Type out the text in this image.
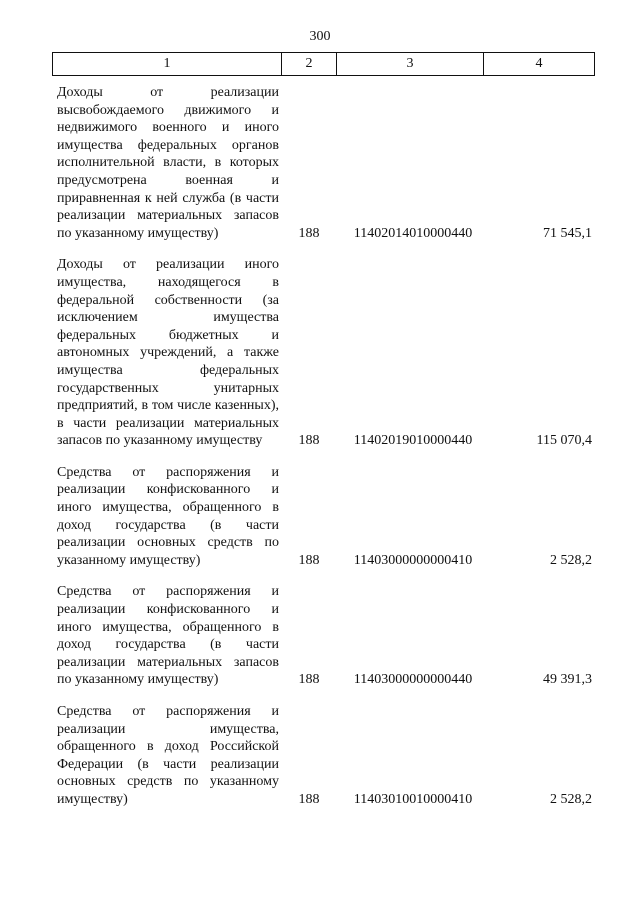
300
1	2	3	4
Доходы от реализации высвобождаемого движимого и недвижимого военного и иного имущества федеральных органов исполнительной власти, в которых предусмотрена военная и приравненная к ней служба (в части реализации материальных запасов по указанному имуществу)	188	11402014010000440	71 545,1
Доходы от реализации иного имущества, находящегося в федеральной собственности (за исключением имущества федеральных бюджетных и автономных учреждений, а также имущества федеральных государственных унитарных предприятий, в том числе казенных), в части реализации материальных запасов по указанному имуществу	188	11402019010000440	115 070,4
Средства от распоряжения и реализации конфискованного и иного имущества, обращенного в доход государства (в части реализации основных средств по указанному имуществу)	188	11403000000000410	2 528,2
Средства от распоряжения и реализации конфискованного и иного имущества, обращенного в доход государства (в части реализации материальных запасов по указанному имуществу)	188	11403000000000440	49 391,3
Средства от распоряжения и реализации имущества, обращенного в доход Российской Федерации (в части реализации основных средств по указанному имуществу)	188	11403010010000410	2 528,2
